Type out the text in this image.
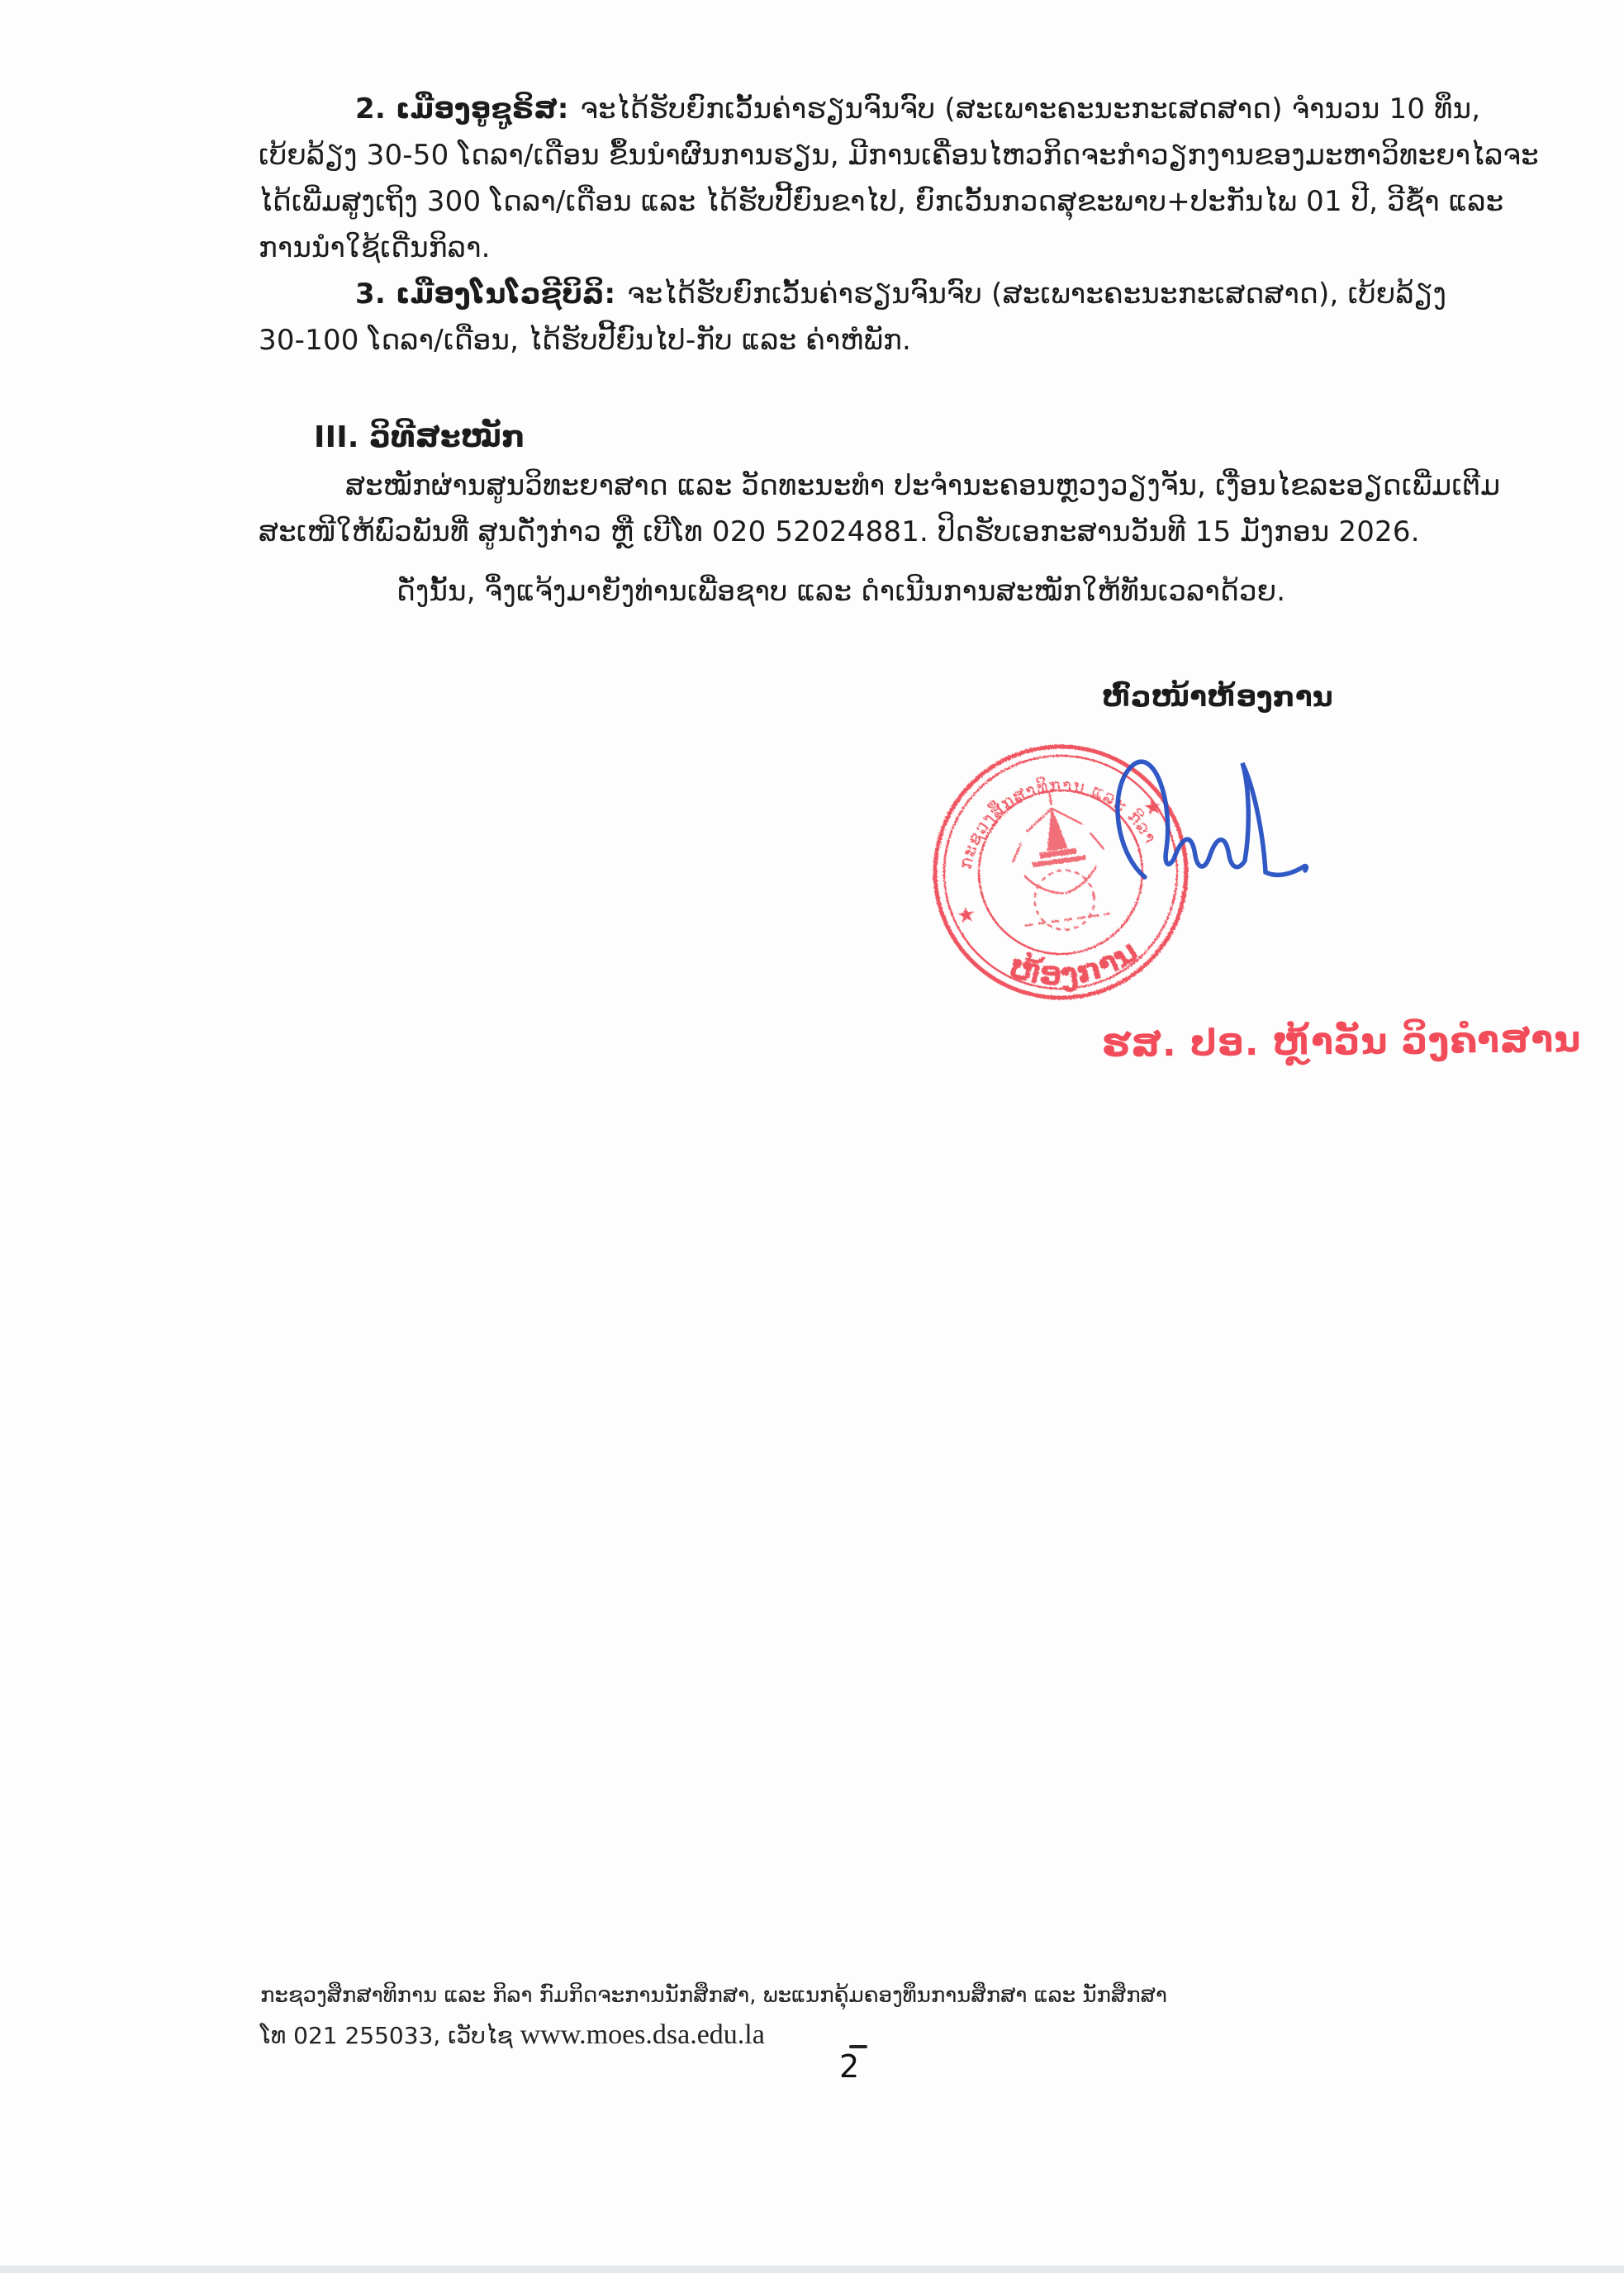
2. ເມືອງອູຊູຣິສ: ຈະໄດ້ຮັບຍົກເວັ້ນຄ່າຮຽນຈົນຈົບ (ສະເພາະຄະນະກະເສດສາດ) ຈຳນວນ 10 ທຶນ,
ເບ້ຍລ້ຽງ 30-50 ໂດລາ/ເດືອນ ຂຶ້ນນຳຜົນການຮຽນ, ມີການເຄື່ອນໄຫວກິດຈະກຳວຽກງານຂອງມະຫາວິທະຍາໄລຈະ
ໄດ້ເພີ່ມສູງເຖິງ 300 ໂດລາ/ເດືອນ ແລະ ໄດ້ຮັບປີ້ຍົນຂາໄປ, ຍົກເວັ້ນກວດສຸຂະພາບ+ປະກັນໄພ 01 ປີ, ວີຊ້ຳ ແລະ
ການນຳໃຊ້ເດີ່ນກິລາ.
3. ເມືອງໂນໂວຊີບິລິ: ຈະໄດ້ຮັບຍົກເວັ້ນຄ່າຮຽນຈົນຈົບ (ສະເພາະຄະນະກະເສດສາດ), ເບ້ຍລ້ຽງ
30-100 ໂດລາ/ເດືອນ, ໄດ້ຮັບປີ້ຍົນໄປ-ກັບ ແລະ ຄ່າຫໍພັກ.
III. ວິທີສະໝັກ
ສະໝັກຜ່ານສູນວິທະຍາສາດ ແລະ ວັດທະນະທຳ ປະຈຳນະຄອນຫຼວງວຽງຈັນ, ເງື່ອນໄຂລະອຽດເພີ່ມເຕີມ
ສະເໜີໃຫ້ພົວພັນທີ່ ສູນດັ່ງກ່າວ ຫຼື ເບີໂທ 020 52024881. ປິດຮັບເອກະສານວັນທີ 15 ມັງກອນ 2026.
ດັ່ງນັ້ນ, ຈຶ່ງແຈ້ງມາຍັງທ່ານເພື່ອຊາບ ແລະ ດຳເນີນການສະໝັກໃຫ້ທັນເວລາດ້ວຍ.
ຫົວໜ້າຫ້ອງການ
ກະຊວງສຶກສາທິການ ແລະ ກິລາ
ຫ້ອງການ
★
★
ຮສ. ປອ. ຫຼ້າວັນ ວິງຄຳສານ
ກະຊວງສຶກສາທິການ ແລະ ກິລາ ກົມກິດຈະການນັກສຶກສາ, ພະແນກຄຸ້ມຄອງທຶນການສຶກສາ ແລະ ນັກສຶກສາ
ໂທ 021 255033, ເວັບໄຊ www.moes.dsa.edu.la
2
